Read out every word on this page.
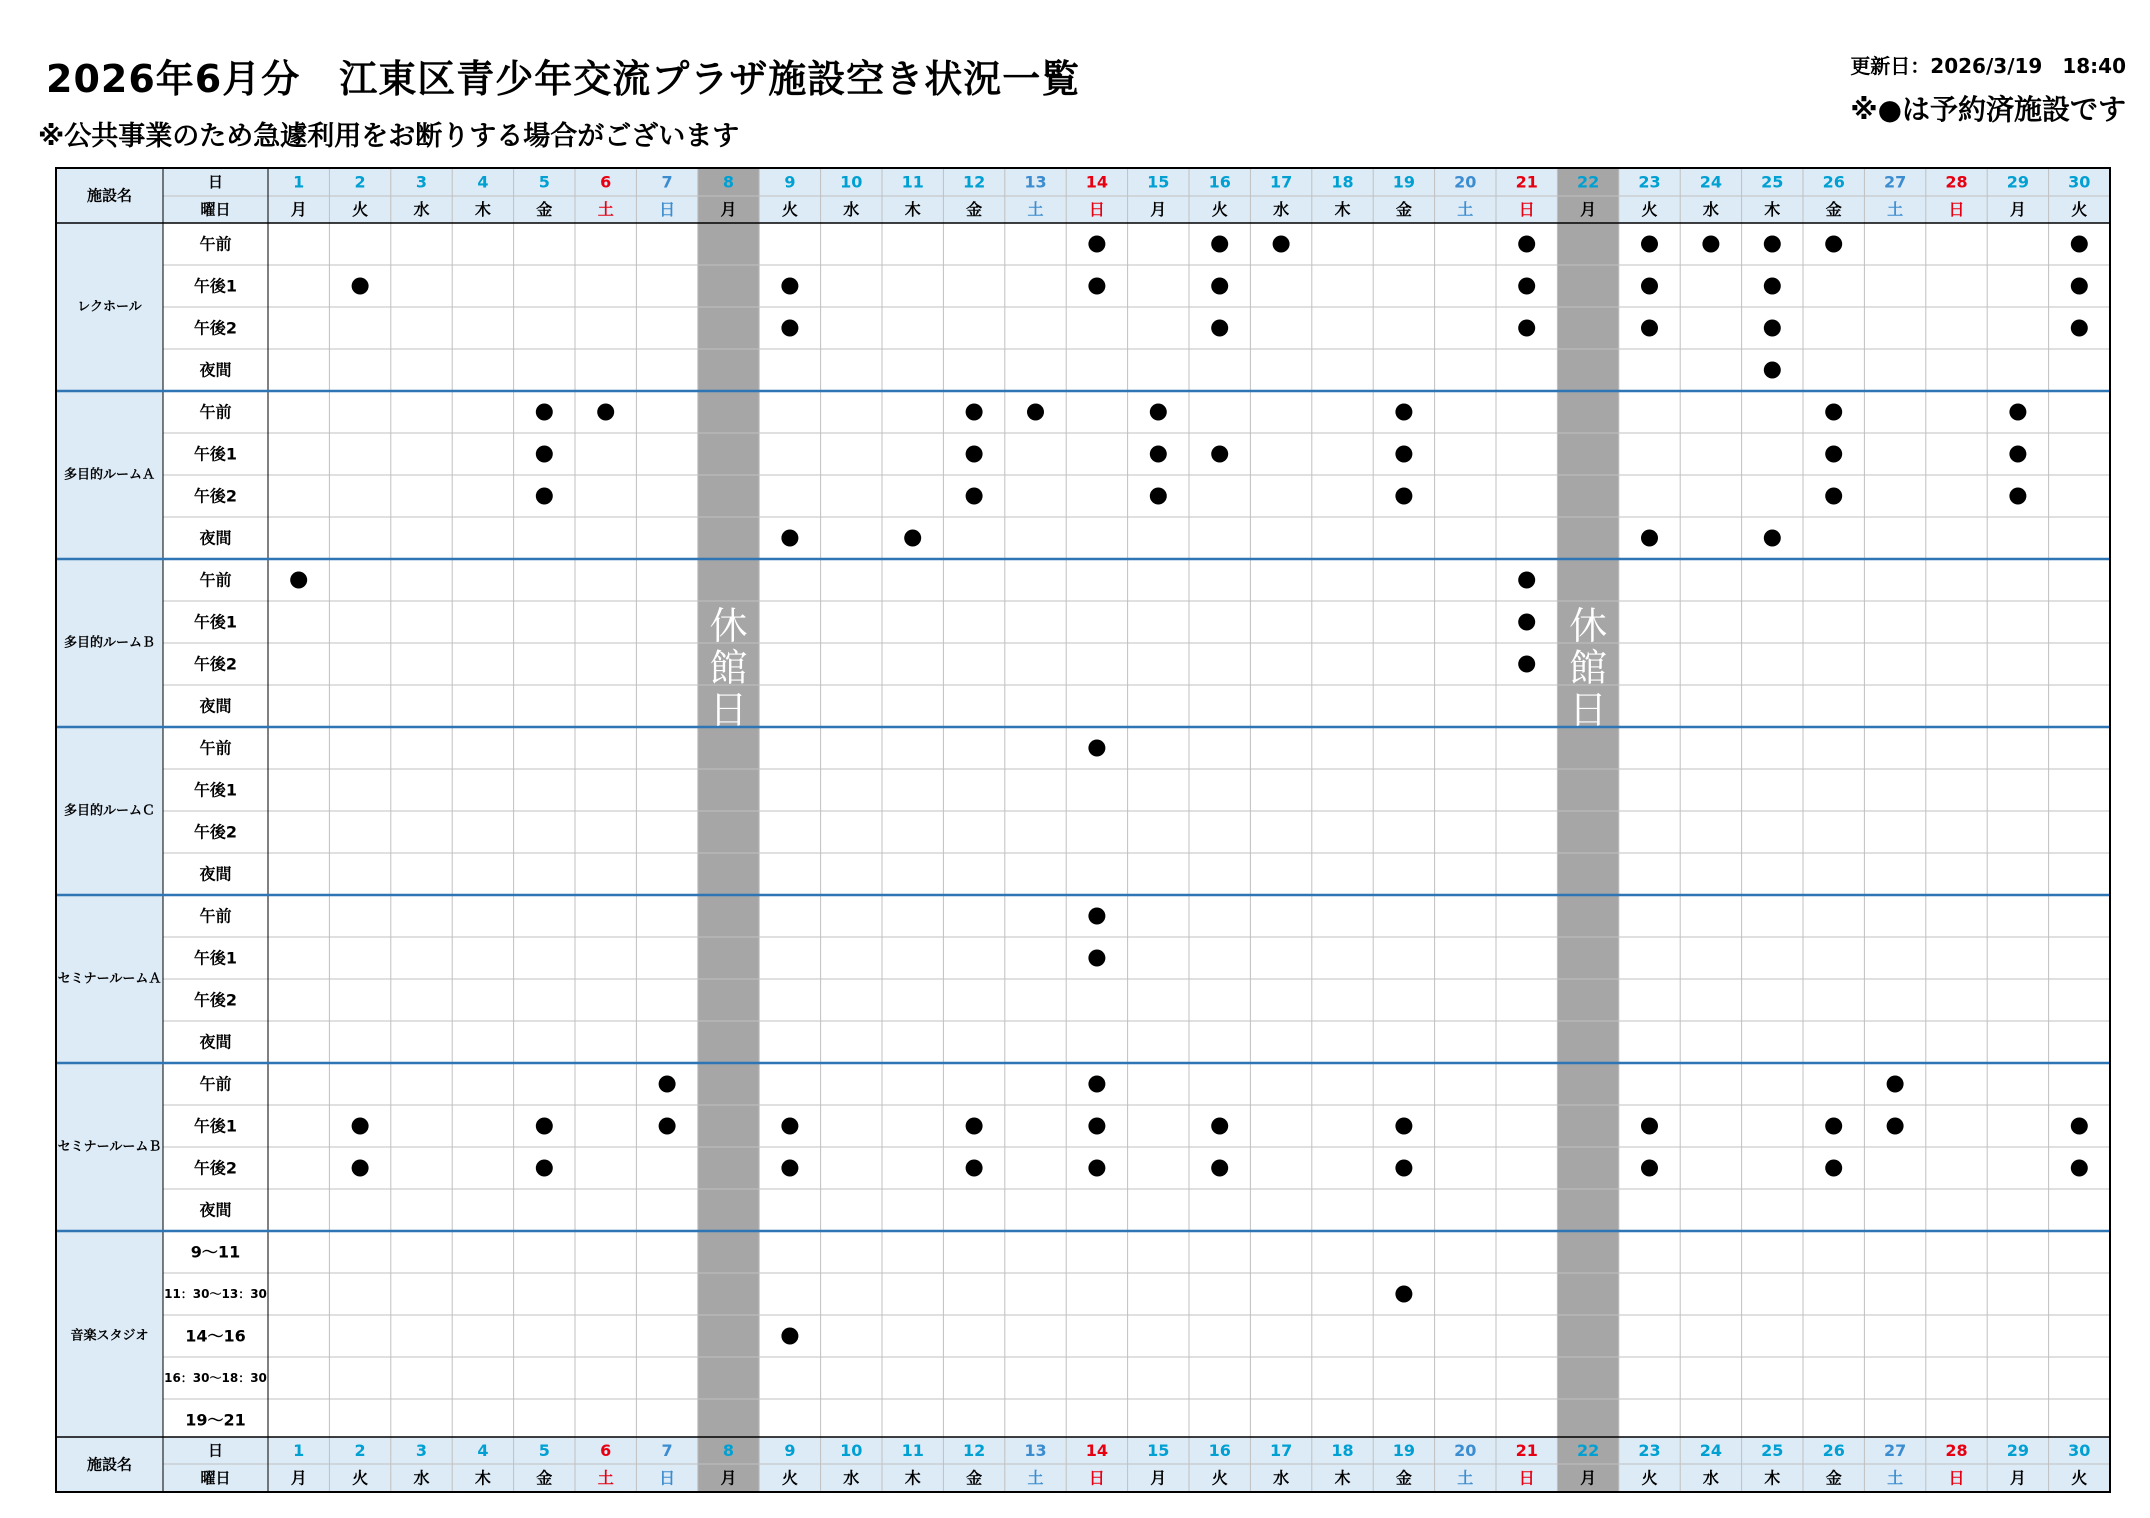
2026年6月分　江東区青少年交流プラザ施設空き状況一覧
※公共事業のため急遽利用をお断りする場合がございます
更新日：2026/3/19　18:40
※●は予約済施設です
施設名
日
曜日
1
月
2
火
3
水
4
木
5
金
6
土
7
日
8
月
9
火
10
水
11
木
12
金
13
土
14
日
15
月
16
火
17
水
18
木
19
金
20
土
21
日
22
月
23
火
24
水
25
木
26
金
27
土
28
日
29
月
30
火
施設名
日
曜日
1
月
2
火
3
水
4
木
5
金
6
土
7
日
8
月
9
火
10
水
11
木
12
金
13
土
14
日
15
月
16
火
17
水
18
木
19
金
20
土
21
日
22
月
23
火
24
水
25
木
26
金
27
土
28
日
29
月
30
火
レクホール
午前
午後1
午後2
夜間
多目的ルームＡ
午前
午後1
午後2
夜間
多目的ルームＢ
午前
午後1
午後2
夜間
多目的ルームＣ
午前
午後1
午後2
夜間
セミナールームＡ
午前
午後1
午後2
夜間
セミナールームＢ
午前
午後1
午後2
夜間
音楽スタジオ
9～11
11：30～13：30
14～16
16：30～18：30
19～21
休
館
日
休
館
日
